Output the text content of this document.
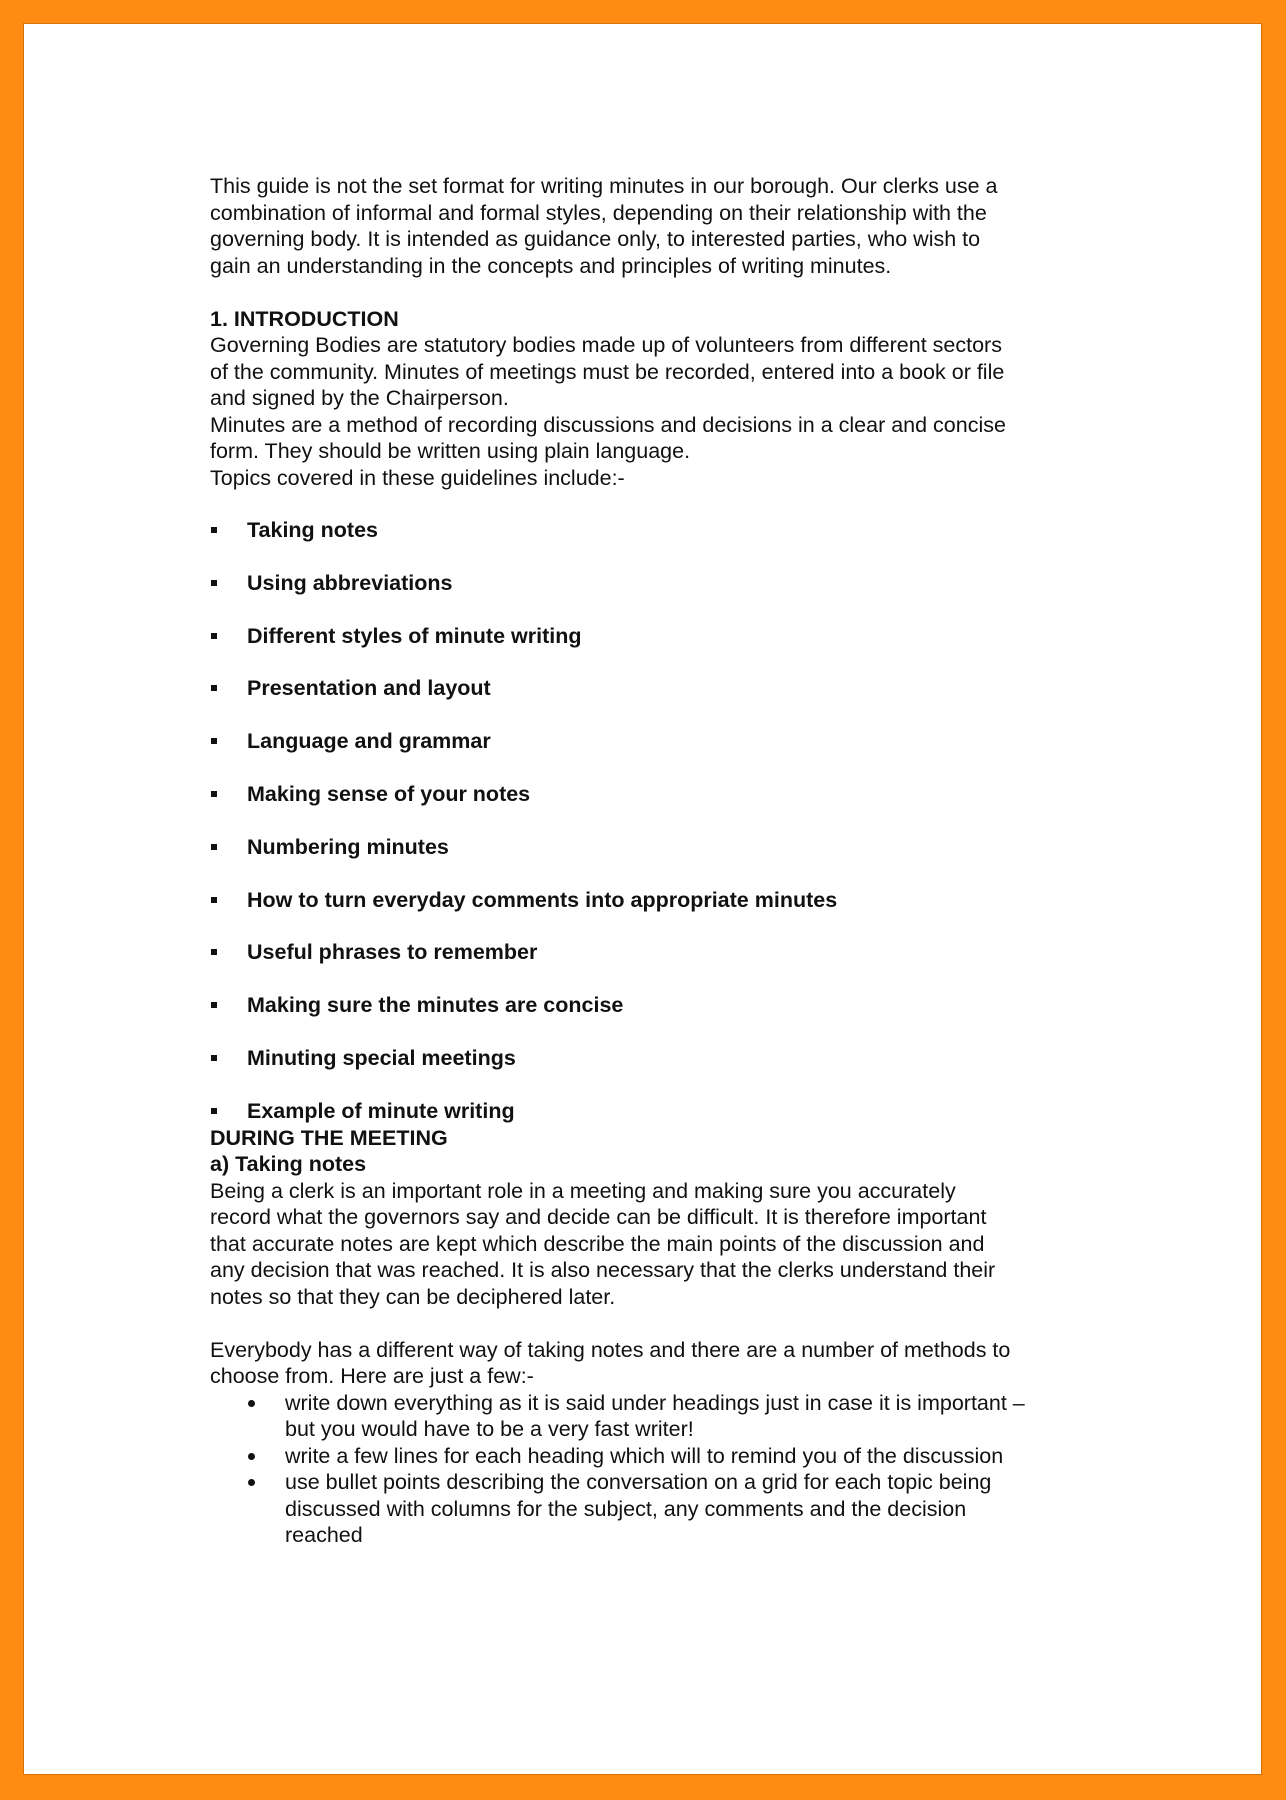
This guide is not the set format for writing minutes in our borough. Our clerks use a
combination of informal and formal styles, depending on their relationship with the
governing body. It is intended as guidance only, to interested parties, who wish to
gain an understanding in the concepts and principles of writing minutes.
1. INTRODUCTION
Governing Bodies are statutory bodies made up of volunteers from different sectors
of the community. Minutes of meetings must be recorded, entered into a book or file
and signed by the Chairperson.
Minutes are a method of recording discussions and decisions in a clear and concise
form. They should be written using plain language.
Topics covered in these guidelines include:-
Taking notes
Using abbreviations
Different styles of minute writing
Presentation and layout
Language and grammar
Making sense of your notes
Numbering minutes
How to turn everyday comments into appropriate minutes
Useful phrases to remember
Making sure the minutes are concise
Minuting special meetings
Example of minute writing
DURING THE MEETING
a) Taking notes
Being a clerk is an important role in a meeting and making sure you accurately
record what the governors say and decide can be difficult. It is therefore important
that accurate notes are kept which describe the main points of the discussion and
any decision that was reached. It is also necessary that the clerks understand their
notes so that they can be deciphered later.
Everybody has a different way of taking notes and there are a number of methods to
choose from. Here are just a few:-
write down everything as it is said under headings just in case it is important –
but you would have to be a very fast writer!
write a few lines for each heading which will to remind you of the discussion
use bullet points describing the conversation on a grid for each topic being
discussed with columns for the subject, any comments and the decision
reached
